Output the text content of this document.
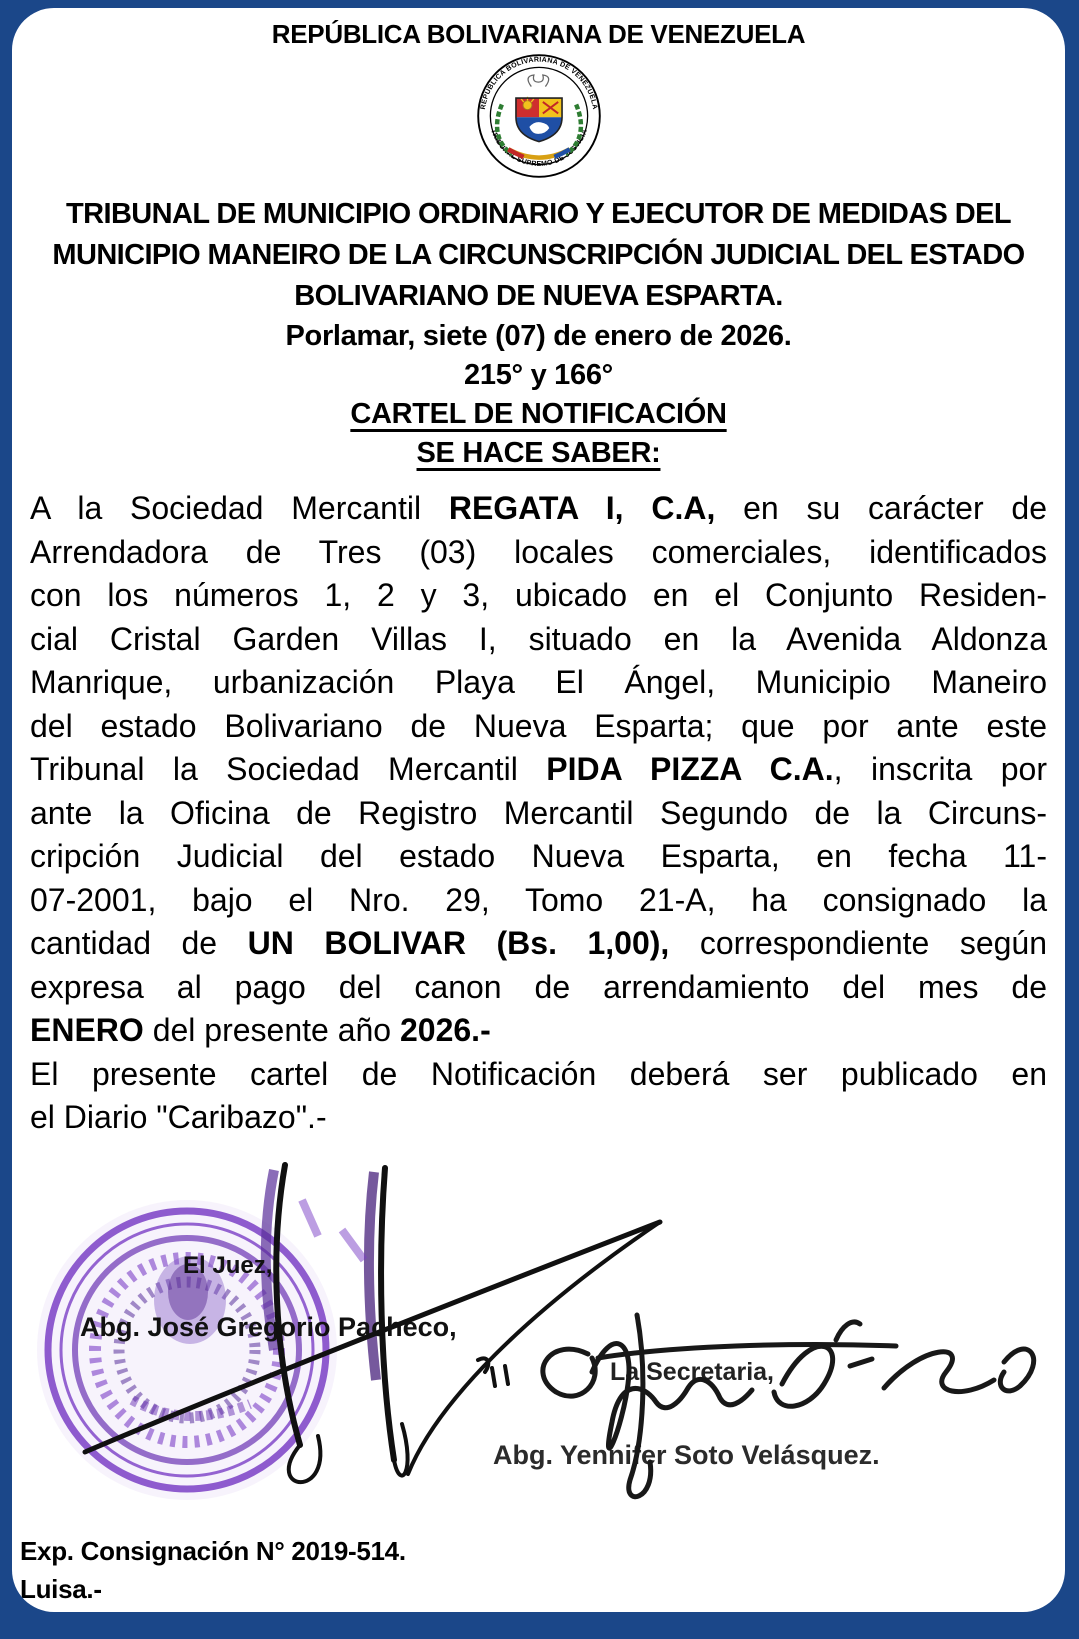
REPÚBLICA BOLIVARIANA DE VENEZUELA
REPÚBLICA BOLIVARIANA DE VENEZUELA
TRIBUNAL SUPREMO DE JUSTICIA
TRIBUNAL DE MUNICIPIO ORDINARIO Y EJECUTOR DE MEDIDAS DEL
MUNICIPIO MANEIRO DE LA CIRCUNSCRIPCIÓN JUDICIAL DEL ESTADO
BOLIVARIANO DE NUEVA ESPARTA.
Porlamar, siete (07) de enero de 2026.
215° y 166°
CARTEL DE NOTIFICACIÓN
SE HACE SABER:
A la Sociedad Mercantil REGATA I, C.A, en su carácter de
Arrendadora de Tres (03) locales comerciales, identificados
con los números 1, 2 y 3, ubicado en el Conjunto Residen-
cial Cristal Garden Villas I, situado en la Avenida Aldonza
Manrique, urbanización Playa El Ángel, Municipio Maneiro
del estado Bolivariano de Nueva Esparta; que por ante este
Tribunal la Sociedad Mercantil PIDA PIZZA C.A., inscrita por
ante la Oficina de Registro Mercantil Segundo de la Circuns-
cripción Judicial del estado Nueva Esparta, en fecha 11-
07-2001, bajo el Nro. 29, Tomo 21-A, ha consignado la
cantidad de UN BOLIVAR (Bs. 1,00), correspondiente según
expresa al pago del canon de arrendamiento del mes de
ENERO del presente año 2026.-
El presente cartel de Notificación deberá ser publicado en
el Diario "Caribazo".-
El Juez,
Abg. José Gregorio Pacheco,
La Secretaria,
Abg. Yennifer Soto Velásquez.
Exp. Consignación N° 2019-514.
Luisa.-
